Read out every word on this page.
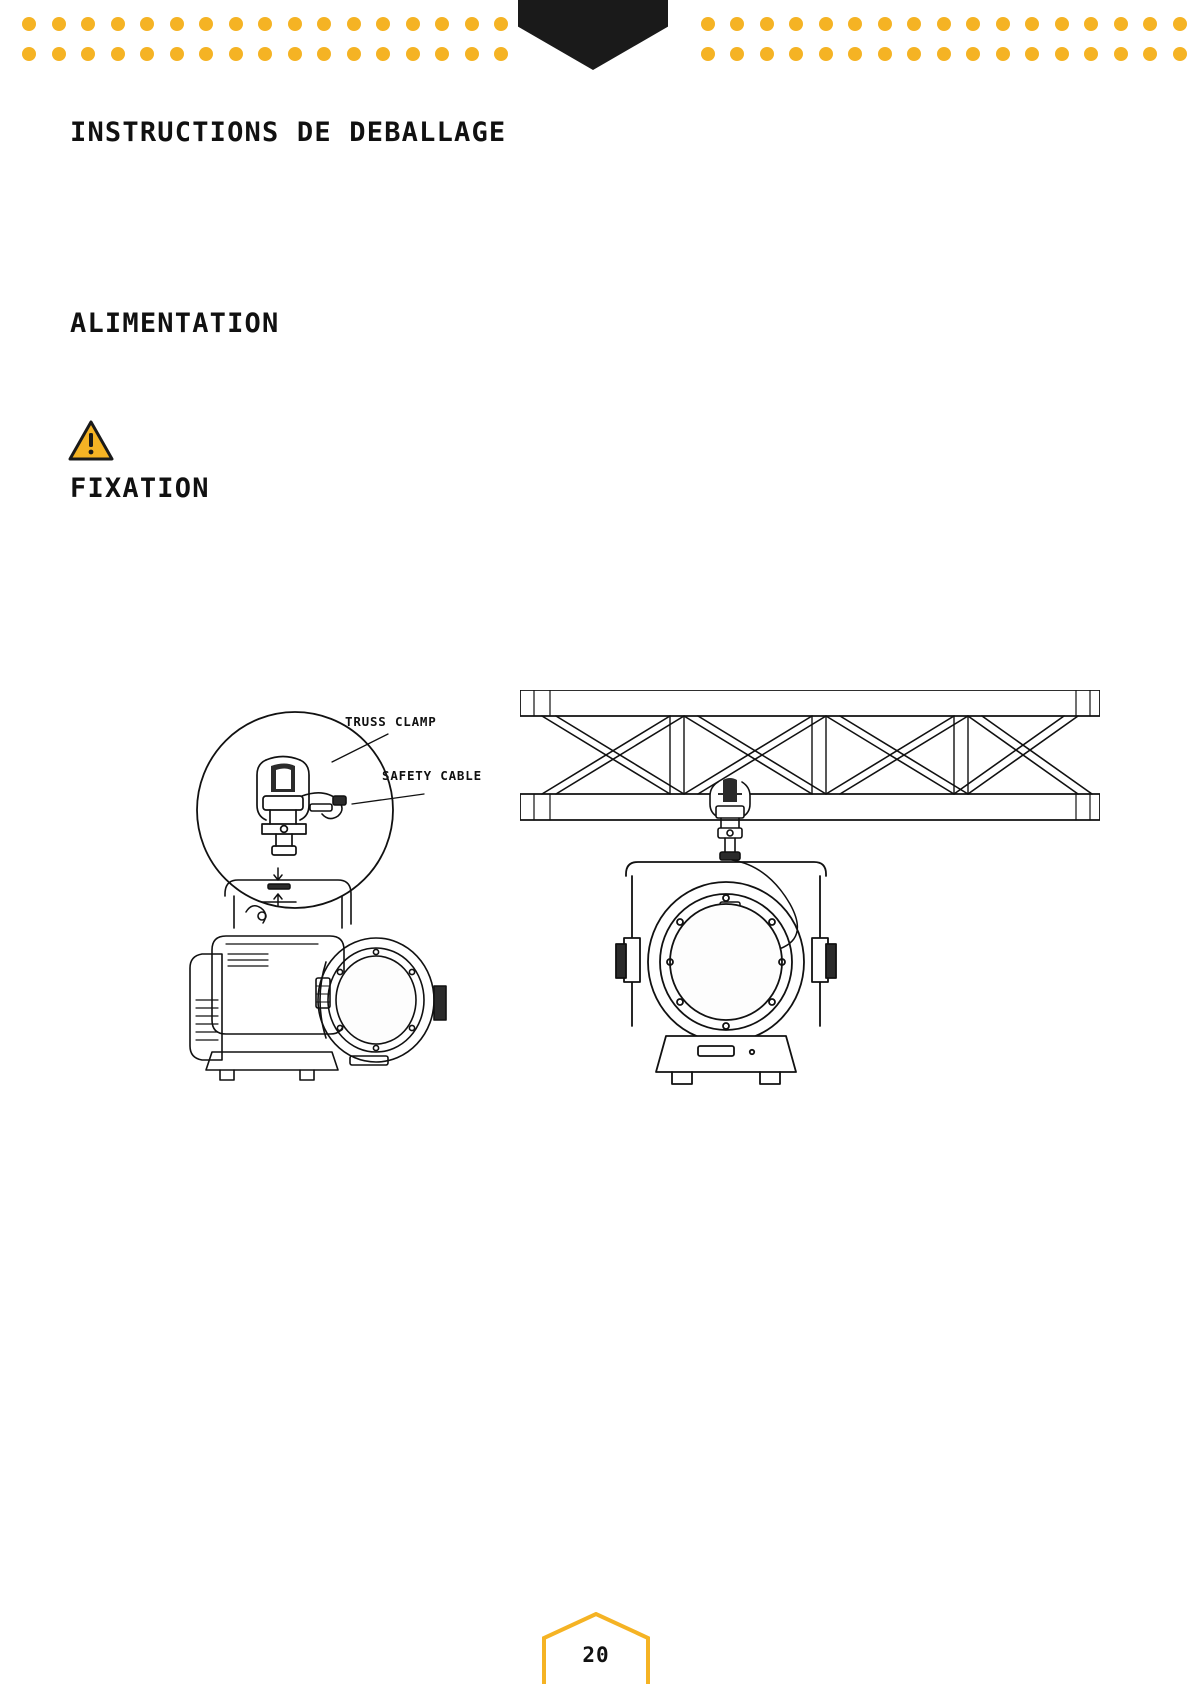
INSTRUCTIONS DE DEBALLAGE
ALIMENTATION
FIXATION
TRUSS CLAMP
SAFETY CABLE
20
